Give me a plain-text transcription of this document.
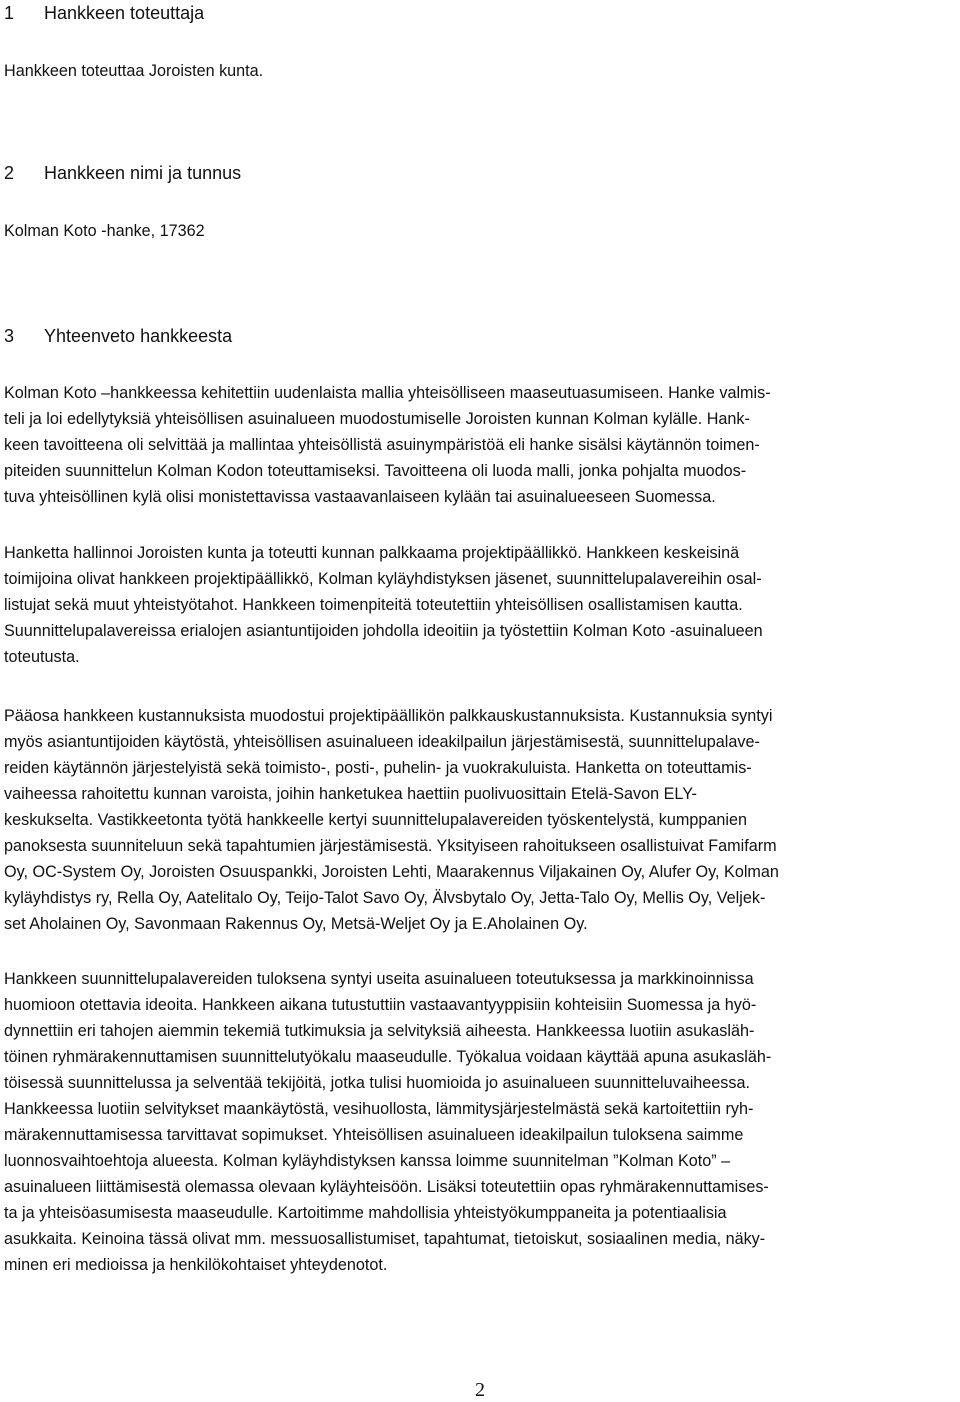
1 Hankkeen toteuttaja

Hankkeen toteuttaa Joroisten kunta.

2 Hankkeen nimi ja tunnus

Kolman Koto -hanke, 17362

3 Yhteenveto hankkeesta

Kolman Koto –hankkeessa kehitettiin uudenlaista mallia yhteisölliseen maaseutuasumiseen. Hanke valmis-
teli ja loi edellytyksiä yhteisöllisen asuinalueen muodostumiselle Joroisten kunnan Kolman kylälle. Hank-
keen tavoitteena oli selvittää ja mallintaa yhteisöllistä asuinympäristöä eli hanke sisälsi käytännön toimen-
piteiden suunnittelun Kolman Kodon toteuttamiseksi. Tavoitteena oli luoda malli, jonka pohjalta muodos-
tuva yhteisöllinen kylä olisi monistettavissa vastaavanlaiseen kylään tai asuinalueeseen Suomessa.

Hanketta hallinnoi Joroisten kunta ja toteutti kunnan palkkaama projektipäällikkö. Hankkeen keskeisinä
toimijoina olivat hankkeen projektipäällikkö, Kolman kyläyhdistyksen jäsenet, suunnittelupalavereihin osal-
listujat sekä muut yhteistyötahot. Hankkeen toimenpiteitä toteutettiin yhteisöllisen osallistamisen kautta.
Suunnittelupalavereissa erialojen asiantuntijoiden johdolla ideoitiin ja työstettiin Kolman Koto -asuinalueen
toteutusta.

Pääosa hankkeen kustannuksista muodostui projektipäällikön palkkauskustannuksista. Kustannuksia syntyi
myös asiantuntijoiden käytöstä, yhteisöllisen asuinalueen ideakilpailun järjestämisestä, suunnittelupalave-
reiden käytännön järjestelyistä sekä toimisto-, posti-, puhelin- ja vuokrakuluista. Hanketta on toteuttamis-
vaiheessa rahoitettu kunnan varoista, joihin hanketukea haettiin puolivuosittain Etelä-Savon ELY-
keskukselta. Vastikkeetonta työtä hankkeelle kertyi suunnittelupalavereiden työskentelystä, kumppanien
panoksesta suunniteluun sekä tapahtumien järjestämisestä. Yksityiseen rahoitukseen osallistuivat Famifarm
Oy, OC-System Oy, Joroisten Osuuspankki, Joroisten Lehti, Maarakennus Viljakainen Oy, Alufer Oy, Kolman
kyläyhdistys ry, Rella Oy, Aatelitalo Oy, Teijo-Talot Savo Oy, Älvsbytalo Oy, Jetta-Talo Oy, Mellis Oy, Veljek-
set Aholainen Oy, Savonmaan Rakennus Oy, Metsä-Weljet Oy ja E.Aholainen Oy.

Hankkeen suunnittelupalavereiden tuloksena syntyi useita asuinalueen toteutuksessa ja markkinoinnissa
huomioon otettavia ideoita. Hankkeen aikana tutustuttiin vastaavantyyppisiin kohteisiin Suomessa ja hyö-
dynnettiin eri tahojen aiemmin tekemiä tutkimuksia ja selvityksiä aiheesta. Hankkeessa luotiin asukasläh-
töinen ryhmärakennuttamisen suunnittelutyökalu maaseudulle. Työkalua voidaan käyttää apuna asukasläh-
töisessä suunnittelussa ja selventää tekijöitä, jotka tulisi huomioida jo asuinalueen suunnitteluvaiheessa.
Hankkeessa luotiin selvitykset maankäytöstä, vesihuollosta, lämmitysjärjestelmästä sekä kartoitettiin ryh-
märakennuttamisessa tarvittavat sopimukset. Yhteisöllisen asuinalueen ideakilpailun tuloksena saimme
luonnosvaihtoehtoja alueesta. Kolman kyläyhdistyksen kanssa loimme suunnitelman ”Kolman Koto” –
asuinalueen liittämisestä olemassa olevaan kyläyhteisöön. Lisäksi toteutettiin opas ryhmärakennuttamises-
ta ja yhteisöasumisesta maaseudulle. Kartoitimme mahdollisia yhteistyökumppaneita ja potentiaalisia
asukkaita. Keinoina tässä olivat mm. messuosallistumiset, tapahtumat, tietoiskut, sosiaalinen media, näky-
minen eri medioissa ja henkilökohtaiset yhteydenotot.

2
